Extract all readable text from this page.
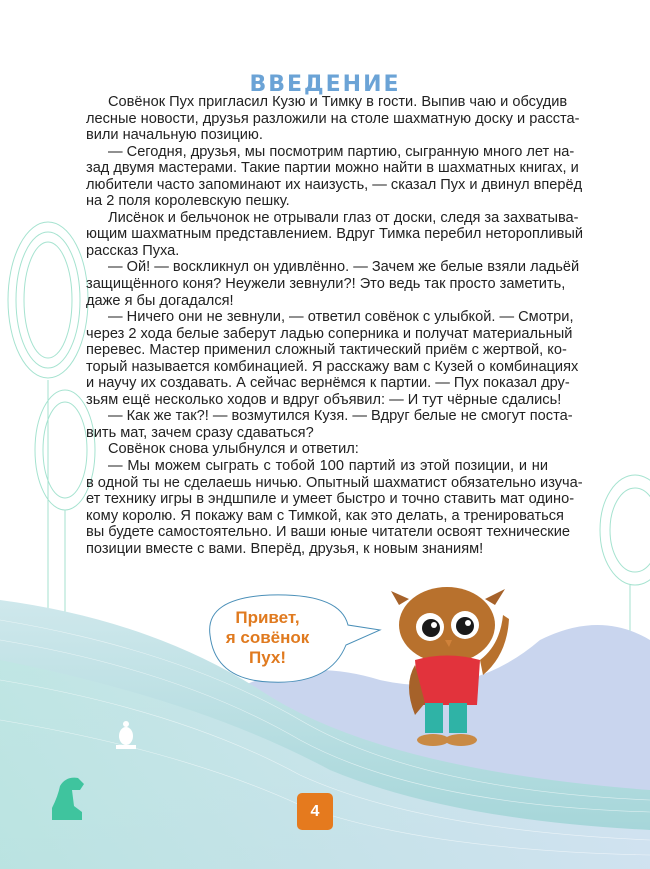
ВВЕДЕНИЕ
Совёнок Пух пригласил Кузю и Тимку в гости. Выпив чаю и обсудив
лесные новости, друзья разложили на столе шахматную доску и расста-
вили начальную позицию.
— Сегодня, друзья, мы посмотрим партию, сыгранную много лет на-
зад двумя мастерами. Такие партии можно найти в шахматных книгах, и
любители часто запоминают их наизусть, — сказал Пух и двинул вперёд
на 2 поля королевскую пешку.
Лисёнок и бельчонок не отрывали глаз от доски, следя за захватыва-
ющим шахматным представлением. Вдруг Тимка перебил неторопливый
рассказ Пуха.
— Ой! — воскликнул он удивлённо. — Зачем же белые взяли ладьёй
защищённого коня? Неужели зевнули?! Это ведь так просто заметить,
даже я бы догадался!
— Ничего они не зевнули, — ответил совёнок с улыбкой. — Смотри,
через 2 хода белые заберут ладью соперника и получат материальный
перевес. Мастер применил сложный тактический приём с жертвой, ко-
торый называется комбинацией. Я расскажу вам с Кузей о комбинациях
и научу их создавать. А сейчас вернёмся к партии. — Пух показал дру-
зьям ещё несколько ходов и вдруг объявил: — И тут чёрные сдались!
— Как же так?! — возмутился Кузя. — Вдруг белые не смогут поста-
вить мат, зачем сразу сдаваться?
Совёнок снова улыбнулся и ответил:
— Мы можем сыграть с тобой 100 партий из этой позиции, и ни
в одной ты не сделаешь ничью. Опытный шахматист обязательно изуча-
ет технику игры в эндшпиле и умеет быстро и точно ставить мат одино-
кому королю. Я покажу вам с Тимкой, как это делать, а тренироваться
вы будете самостоятельно. И ваши юные читатели освоят технические
позиции вместе с вами. Вперёд, друзья, к новым знаниям!
Привет,
я совёнок
Пух!
4
